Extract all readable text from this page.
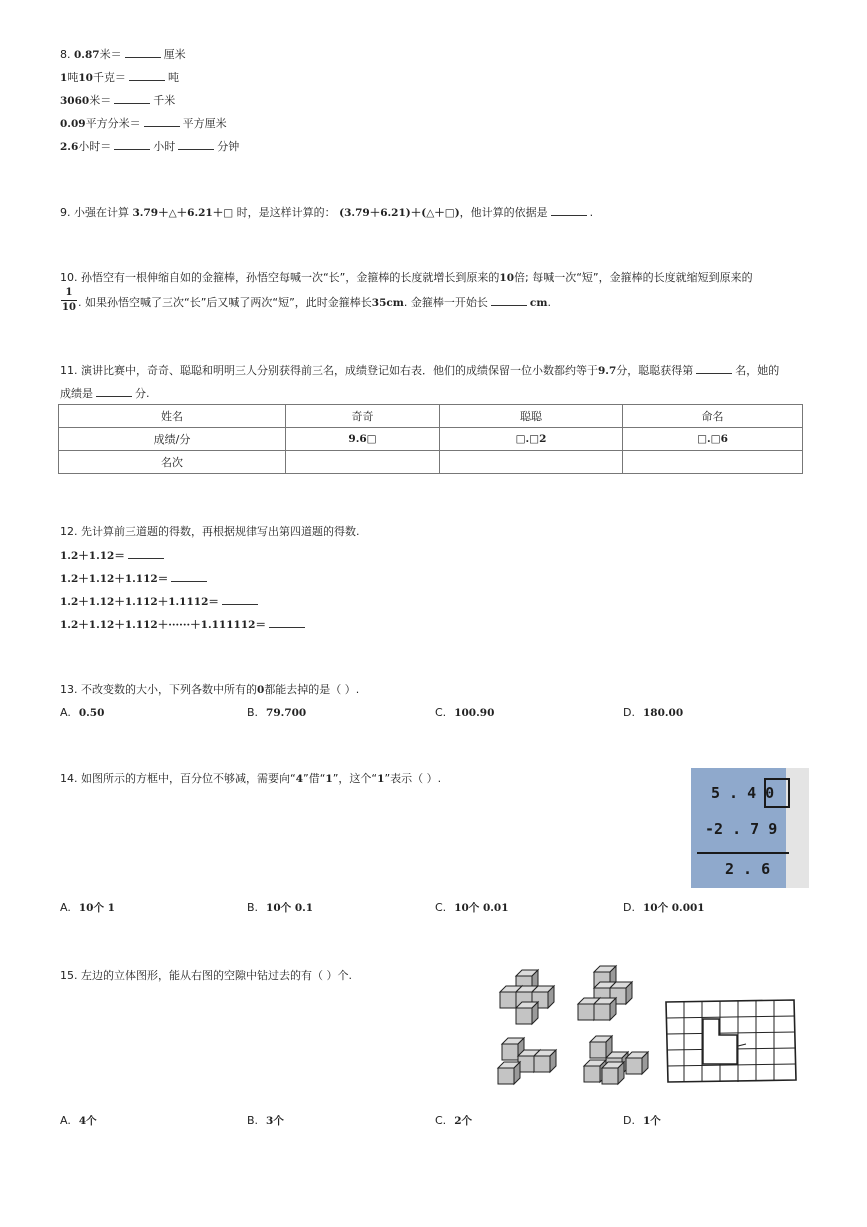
8. 0.87米＝	厘米
1吨10千克＝	吨
3060米＝	千米
0.09平方分米＝	平方厘米
2.6小时＝	小时	分钟
9. 小强在计算 3.79＋△＋6.21＋□ 时，是这样计算的： (3.79＋6.21)＋(△＋□)，他计算的依据是	.
10. 孙悟空有一根伸缩自如的金箍棒，孙悟空每喊一次“长”，金箍棒的长度就增长到原来的10倍; 每喊一次“短”，金箍棒的长度就缩短到原来的
1
10 . 如果孙悟空喊了三次“长”后又喊了两次“短”，此时金箍棒长35cm. 金箍棒一开始长	cm.
11. 演讲比赛中，奇奇、聪聪和明明三人分别获得前三名，成绩登记如右表．他们的成绩保留一位小数都约等于9.7分，聪聪获得第	名，她的
成绩是	分.
姓名	奇奇	聪聪	命名
成绩/分	9.6□	□.□2	□.□6
名次			
12. 先计算前三道题的得数，再根据规律写出第四道题的得数.
1.2＋1.12＝
1.2＋1.12＋1.112＝
1.2＋1.12＋1.112＋1.1112＝
1.2＋1.12＋1.112＋······＋1.111112＝
13. 不改变数的大小，下列各数中所有的0都能去掉的是（ ）.
A. 0.50	B. 79.700	C. 100.90	D. 180.00
14. 如图所示的方框中，百分位不够减，需要向“4”借“1”，这个“1”表示（ ）.
5 . 4 0
-2 . 7 9
2 . 6
A. 10个 1	B. 10个 0.1	C. 10个 0.01	D. 10个 0.001
15. 左边的立体图形，能从右图的空隙中钻过去的有（ ）个.
A. 4个	B. 3个	C. 2个	D. 1个
